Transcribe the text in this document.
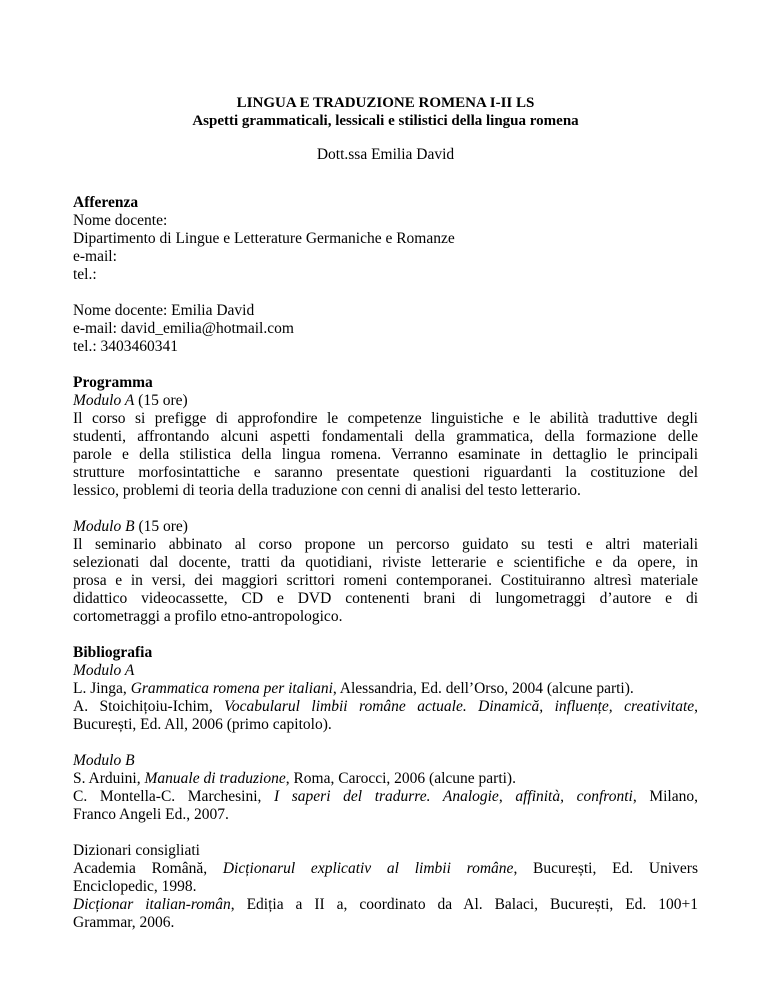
LINGUA E TRADUZIONE ROMENA I-II LS
Aspetti grammaticali, lessicali e stilistici della lingua romena
Dott.ssa Emilia David
Afferenza
Nome docente:
Dipartimento di Lingue e Letterature Germaniche e Romanze
e-mail:
tel.:
Nome docente: Emilia David
e-mail: david_emilia@hotmail.com
tel.: 3403460341
Programma
Modulo A (15 ore)
Il corso si prefigge di approfondire le competenze linguistiche e le abilità traduttive degli
studenti, affrontando alcuni aspetti fondamentali della grammatica, della formazione delle
parole e della stilistica della lingua romena. Verranno esaminate in dettaglio le principali
strutture morfosintattiche e saranno presentate questioni riguardanti la costituzione del
lessico, problemi di teoria della traduzione con cenni di analisi del testo letterario.
Modulo B (15 ore)
Il seminario abbinato al corso propone un percorso guidato su testi e altri materiali
selezionati dal docente, tratti da quotidiani, riviste letterarie e scientifiche e da opere, in
prosa e in versi, dei maggiori scrittori romeni contemporanei. Costituiranno altresì materiale
didattico videocassette, CD e DVD contenenti brani di lungometraggi d’autore e di
cortometraggi a profilo etno-antropologico.
Bibliografia
Modulo A
L. Jinga, Grammatica romena per italiani, Alessandria, Ed. dell’Orso, 2004 (alcune parti).
A. Stoichițoiu-Ichim, Vocabularul limbii române actuale. Dinamică, influențe, creativitate,
București, Ed. All, 2006 (primo capitolo).
Modulo B
S. Arduini, Manuale di traduzione, Roma, Carocci, 2006 (alcune parti).
C. Montella-C. Marchesini, I saperi del tradurre. Analogie, affinità, confronti, Milano,
Franco Angeli Ed., 2007.
Dizionari consigliati
Academia Română, Dicționarul explicativ al limbii române, București, Ed. Univers
Enciclopedic, 1998.
Dicționar italian-român, Ediția a II a, coordinato da Al. Balaci, București, Ed. 100+1
Grammar, 2006.
